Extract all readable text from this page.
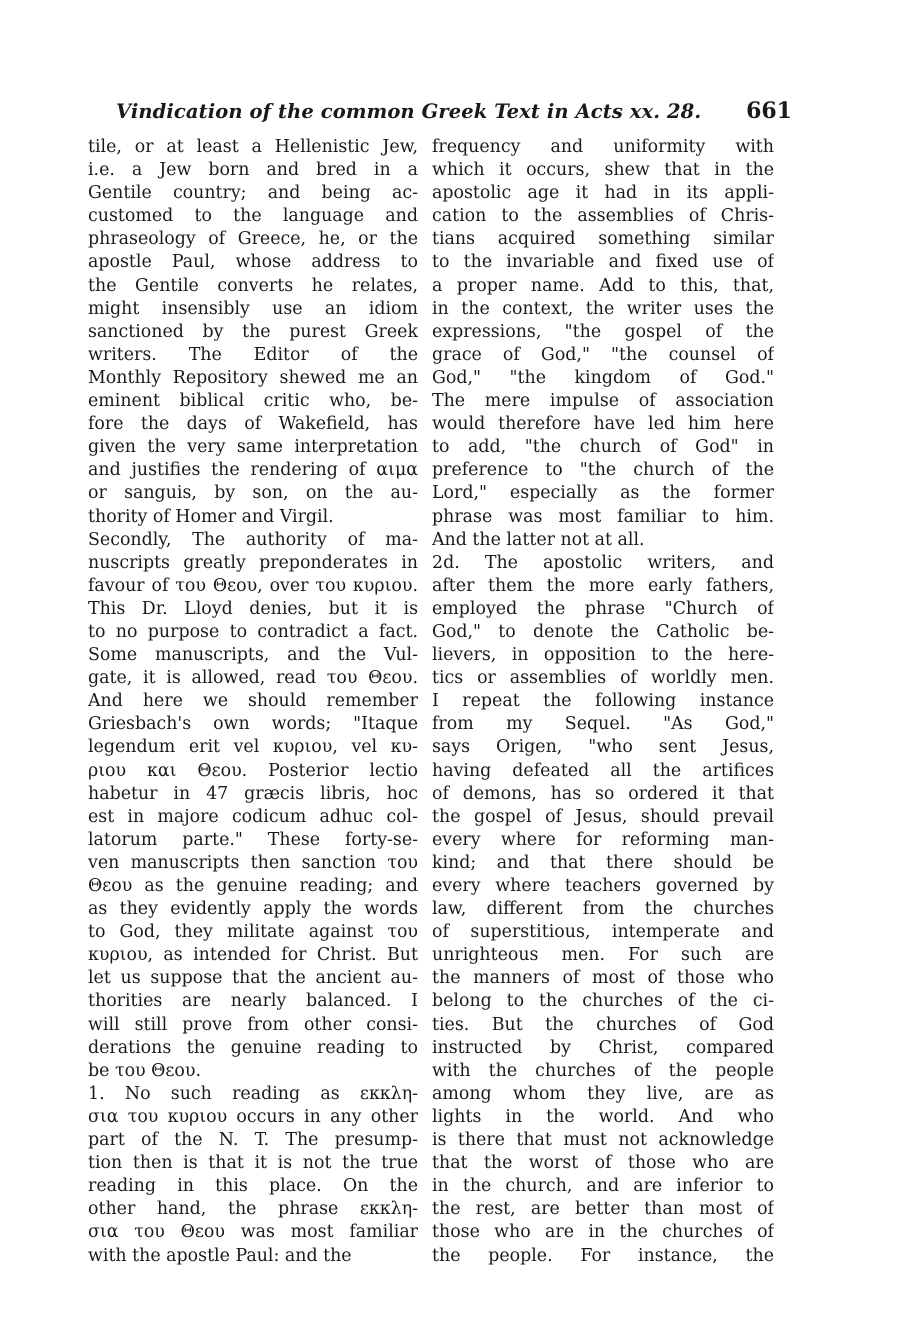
Vindication of the common Greek Text in Acts xx. 28. 661
tile, or at least a Hellenistic Jew,
i.e. a Jew born and bred in a
Gentile country; and being ac-
customed to the language and
phraseology of Greece, he, or the
apostle Paul, whose address to
the Gentile converts he relates,
might insensibly use an idiom
sanctioned by the purest Greek
writers. The Editor of the
Monthly Repository shewed me an
eminent biblical critic who, be-
fore the days of Wakefield, has
given the very same interpretation
and justifies the rendering of αιμα
or sanguis, by son, on the au-
thority of Homer and Virgil.
Secondly, The authority of ma-
nuscripts greatly preponderates in
favour of του Θεου, over του κυριου.
This Dr. Lloyd denies, but it is
to no purpose to contradict a fact.
Some manuscripts, and the Vul-
gate, it is allowed, read του Θεου.
And here we should remember
Griesbach's own words; "Itaque
legendum erit vel κυριου, vel κυ-
ριου και Θεου. Posterior lectio
habetur in 47 græcis libris, hoc
est in majore codicum adhuc col-
latorum parte." These forty-se-
ven manuscripts then sanction του
Θεου as the genuine reading; and
as they evidently apply the words
to God, they militate against του
κυριου, as intended for Christ. But
let us suppose that the ancient au-
thorities are nearly balanced. I
will still prove from other consi-
derations the genuine reading to
be του Θεου.
1. No such reading as εκκλη-
σια του κυριου occurs in any other
part of the N. T. The presump-
tion then is that it is not the true
reading in this place. On the
other hand, the phrase εκκλη-
σια του Θεου was most familiar
with the apostle Paul: and the
frequency and uniformity with
which it occurs, shew that in the
apostolic age it had in its appli-
cation to the assemblies of Chris-
tians acquired something similar
to the invariable and fixed use of
a proper name. Add to this, that,
in the context, the writer uses the
expressions, "the gospel of the
grace of God," "the counsel of
God," "the kingdom of God."
The mere impulse of association
would therefore have led him here
to add, "the church of God" in
preference to "the church of the
Lord," especially as the former
phrase was most familiar to him.
And the latter not at all.
2d. The apostolic writers, and
after them the more early fathers,
employed the phrase "Church of
God," to denote the Catholic be-
lievers, in opposition to the here-
tics or assemblies of worldly men.
I repeat the following instance
from my Sequel. "As God,"
says Origen, "who sent Jesus,
having defeated all the artifices
of demons, has so ordered it that
the gospel of Jesus, should prevail
every where for reforming man-
kind; and that there should be
every where teachers governed by
law, different from the churches
of superstitious, intemperate and
unrighteous men. For such are
the manners of most of those who
belong to the churches of the ci-
ties. But the churches of God
instructed by Christ, compared
with the churches of the people
among whom they live, are as
lights in the world. And who
is there that must not acknowledge
that the worst of those who are
in the church, and are inferior to
the rest, are better than most of
those who are in the churches of
the people. For instance, the
